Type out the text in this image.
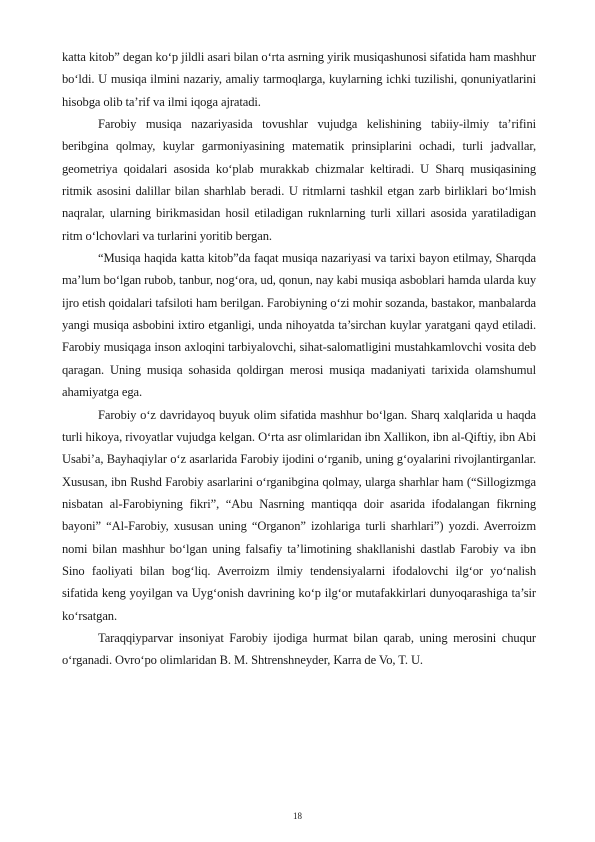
katta kitob” degan ko‘p jildli asari bilan o‘rta asrning yirik musiqashunosi sifatida ham mashhur bo‘ldi. U musiqa ilmini nazariy, amaliy tarmoqlarga, kuylarning ichki tuzilishi, qonuniyatlarini hisobga olib ta’rif va ilmi iqoga ajratadi.

Farobiy musiqa nazariyasida tovushlar vujudga kelishining tabiiy-ilmiy ta’rifini beribgina qolmay, kuylar garmoniyasining matematik prinsiplarini ochadi, turli jadvallar, geometriya qoidalari asosida ko‘plab murakkab chizmalar keltiradi. U Sharq musiqasining ritmik asosini dalillar bilan sharhlab beradi. U ritmlarni tashkil etgan zarb birliklari bo‘lmish naqralar, ularning birikmasidan hosil etiladigan ruknlarning turli xillari asosida yaratiladigan ritm o‘lchovlari va turlarini yoritib bergan.

“Musiqa haqida katta kitob”da faqat musiqa nazariyasi va tarixi bayon etilmay, Sharqda ma’lum bo‘lgan rubob, tanbur, nog‘ora, ud, qonun, nay kabi musiqa asboblari hamda ularda kuy ijro etish qoidalari tafsiloti ham berilgan. Farobiyning o‘zi mohir sozanda, bastakor, manbalarda yangi musiqa asbobini ixtiro etganligi, unda nihoyatda ta’sirchan kuylar yaratgani qayd etiladi. Farobiy musiqaga inson axloqini tarbiyalovchi, sihat-salomatligini mustahkamlovchi vosita deb qaragan. Uning musiqa sohasida qoldirgan merosi musiqa madaniyati tarixida olamshumul ahamiyatga ega.

Farobiy o‘z davridayoq buyuk olim sifatida mashhur bo‘lgan. Sharq xalqlarida u haqda turli hikoya, rivoyatlar vujudga kelgan. O‘rta asr olimlaridan ibn Xallikon, ibn al-Qiftiy, ibn Abi Usabi’a, Bayhaqiylar o‘z asarlarida Farobiy ijodini o‘rganib, uning g‘oyalarini rivojlantirganlar. Xususan, ibn Rushd Farobiy asarlarini o‘rganibgina qolmay, ularga sharhlar ham (“Sillogizmga nisbatan al-Farobiyning fikri”, “Abu Nasrning mantiqqa doir asarida ifodalangan fikrning bayoni” “Al-Farobiy, xususan uning “Organon” izohlariga turli sharhlari”) yozdi. Averroizm nomi bilan mashhur bo‘lgan uning falsafiy ta’limotining shakllanishi dastlab Farobiy va ibn Sino faoliyati bilan bog‘liq. Averroizm ilmiy tendensiyalarni ifodalovchi ilg‘or yo‘nalish sifatida keng yoyilgan va Uyg‘onish davrining ko‘p ilg‘or mutafakkirlari dunyoqarashiga ta’sir ko‘rsatgan.

Taraqqiyparvar insoniyat Farobiy ijodiga hurmat bilan qarab, uning merosini chuqur o‘rganadi. Ovro‘po olimlaridan B. M. Shtrenshneyder, Karra de Vo, T. U.

18
